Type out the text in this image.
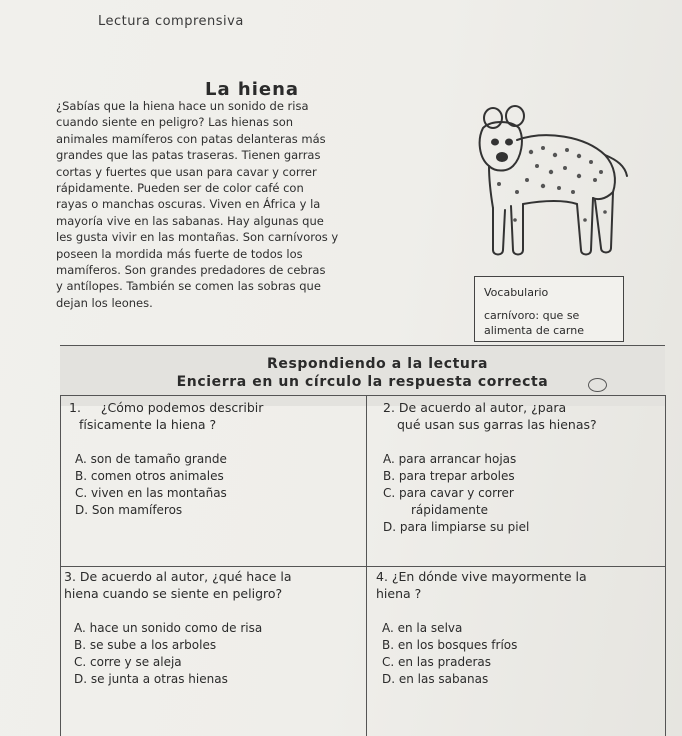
Lectura comprensiva
La hiena
¿Sabías que la hiena hace un sonido de risa
cuando siente en peligro? Las hienas son
animales mamíferos con patas delanteras más
grandes que las patas traseras. Tienen garras
cortas y fuertes que usan para cavar y correr
rápidamente. Pueden ser de color café con
rayas o manchas oscuras. Viven en África y la
mayoría vive en las sabanas. Hay algunas que
les gusta vivir en las montañas. Son carnívoros y
poseen la mordida más fuerte de todos los
mamíferos. Son grandes predadores de cebras
y antílopes. También se comen las sobras que
dejan los leones.
Vocabulario
carnívoro: que se
alimenta de carne
Respondiendo a la lectura
Encierra en un círculo la respuesta correcta
1. ¿Cómo podemos describir
físicamente la hiena ?
A. son de tamaño grande
B. comen otros animales
C. viven en las montañas
D. Son mamíferos
2. De acuerdo al autor, ¿para
qué usan sus garras las hienas?
A. para arrancar hojas
B. para trepar arboles
C. para cavar y correr
rápidamente
D. para limpiarse su piel
3. De acuerdo al autor, ¿qué hace la
hiena cuando se siente en peligro?
A. hace un sonido como de risa
B. se sube a los arboles
C. corre y se aleja
D. se junta a otras hienas
4. ¿En dónde vive mayormente la
hiena ?
A. en la selva
B. en los bosques fríos
C. en las praderas
D. en las sabanas
